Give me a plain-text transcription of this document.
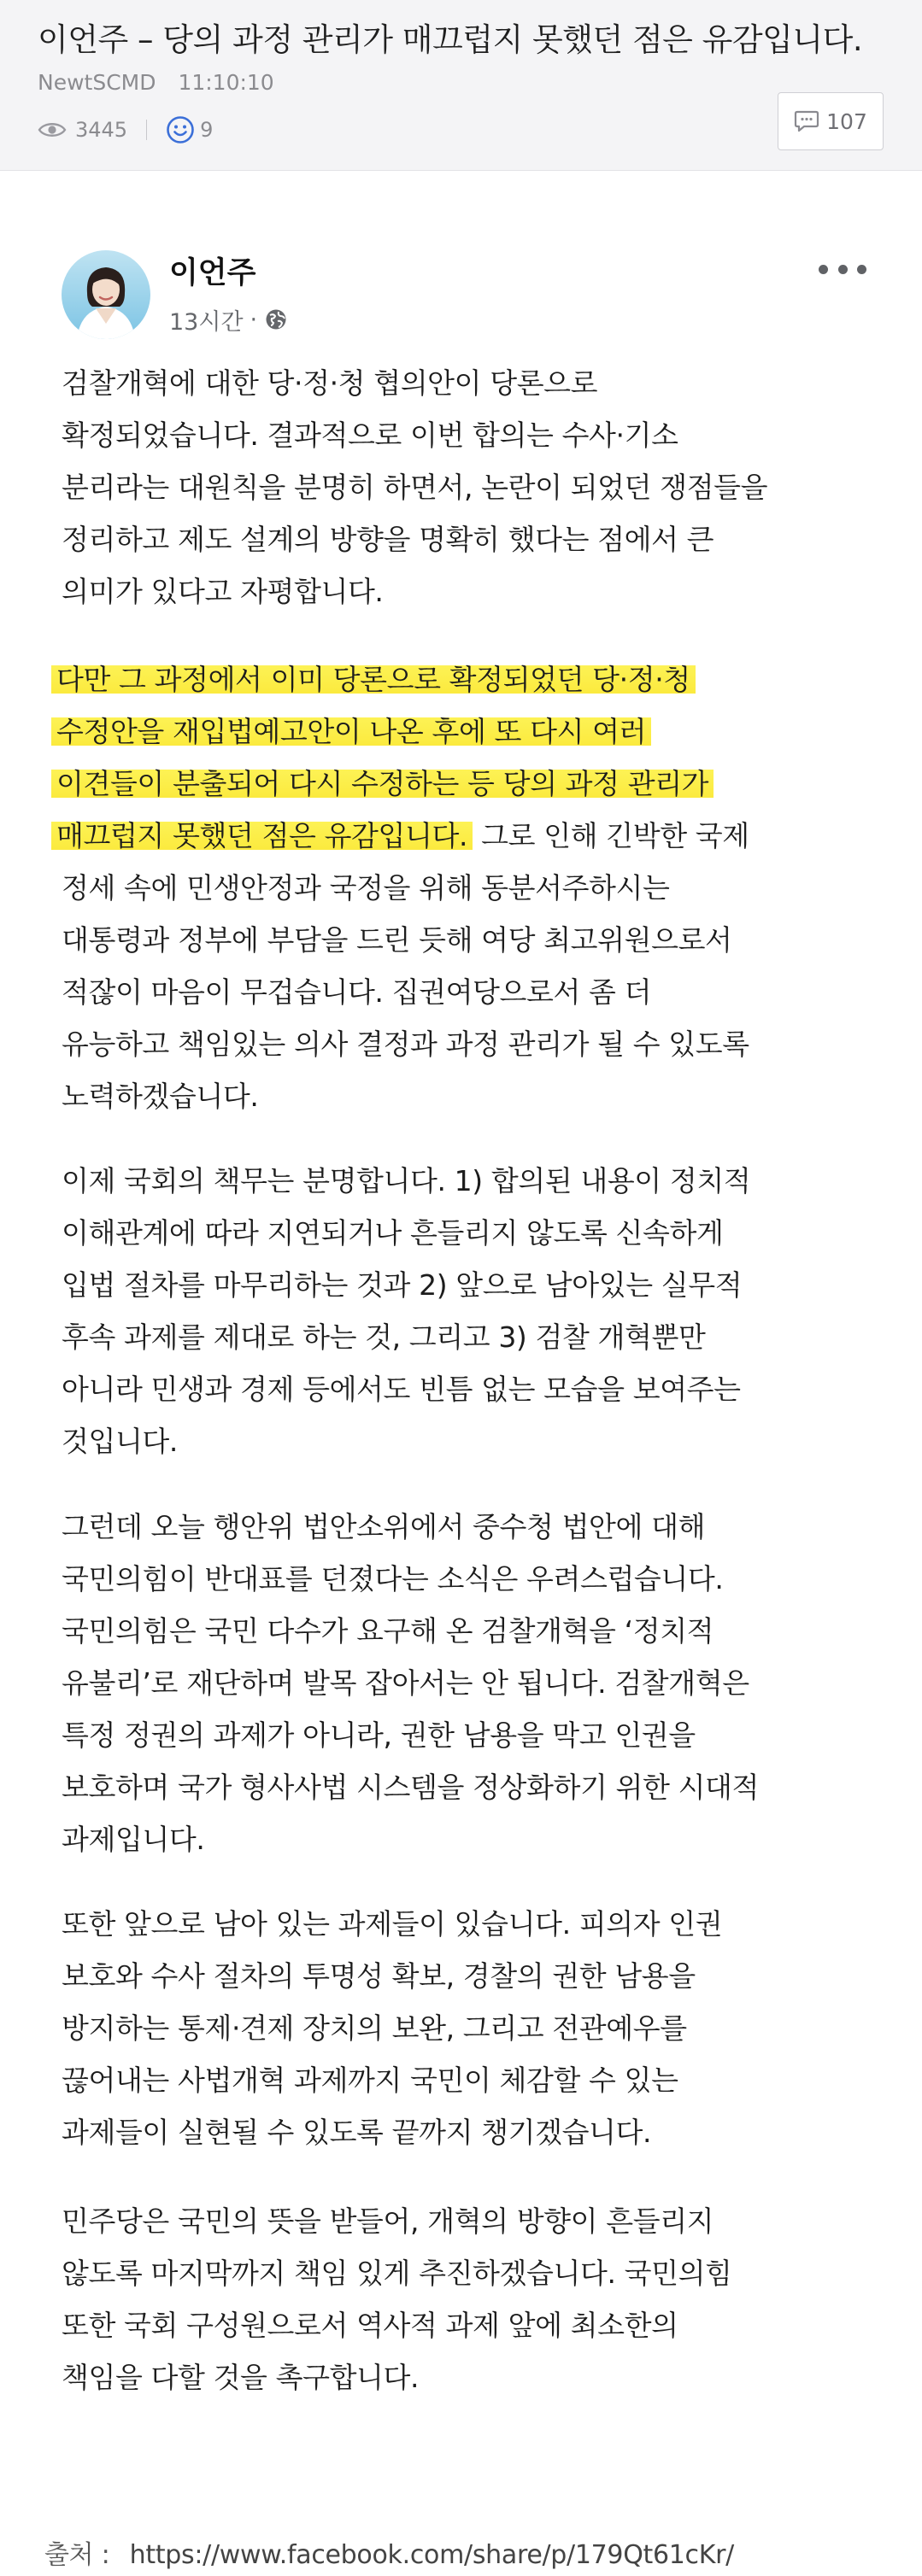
이언주 – 당의 과정 관리가 매끄럽지 못했던 점은 유감입니다.
NewtSCMD 11:10:10
3445	9	107
이언주
13시간 ·
검찰개혁에 대한 당·정·청 협의안이 당론으로
확정되었습니다. 결과적으로 이번 합의는 수사·기소
분리라는 대원칙을 분명히 하면서, 논란이 되었던 쟁점들을
정리하고 제도 설계의 방향을 명확히 했다는 점에서 큰
의미가 있다고 자평합니다.
다만 그 과정에서 이미 당론으로 확정되었던 당·정·청
수정안을 재입법예고안이 나온 후에 또 다시 여러
이견들이 분출되어 다시 수정하는 등 당의 과정 관리가
매끄럽지 못했던 점은 유감입니다. 그로 인해 긴박한 국제
정세 속에 민생안정과 국정을 위해 동분서주하시는
대통령과 정부에 부담을 드린 듯해 여당 최고위원으로서
적잖이 마음이 무겁습니다. 집권여당으로서 좀 더
유능하고 책임있는 의사 결정과 과정 관리가 될 수 있도록
노력하겠습니다.
이제 국회의 책무는 분명합니다. 1) 합의된 내용이 정치적
이해관계에 따라 지연되거나 흔들리지 않도록 신속하게
입법 절차를 마무리하는 것과 2) 앞으로 남아있는 실무적
후속 과제를 제대로 하는 것, 그리고 3) 검찰 개혁뿐만
아니라 민생과 경제 등에서도 빈틈 없는 모습을 보여주는
것입니다.
그런데 오늘 행안위 법안소위에서 중수청 법안에 대해
국민의힘이 반대표를 던졌다는 소식은 우려스럽습니다.
국민의힘은 국민 다수가 요구해 온 검찰개혁을 ‘정치적
유불리’로 재단하며 발목 잡아서는 안 됩니다. 검찰개혁은
특정 정권의 과제가 아니라, 권한 남용을 막고 인권을
보호하며 국가 형사사법 시스템을 정상화하기 위한 시대적
과제입니다.
또한 앞으로 남아 있는 과제들이 있습니다. 피의자 인권
보호와 수사 절차의 투명성 확보, 경찰의 권한 남용을
방지하는 통제·견제 장치의 보완, 그리고 전관예우를
끊어내는 사법개혁 과제까지 국민이 체감할 수 있는
과제들이 실현될 수 있도록 끝까지 챙기겠습니다.
민주당은 국민의 뜻을 받들어, 개혁의 방향이 흔들리지
않도록 마지막까지 책임 있게 추진하겠습니다. 국민의힘
또한 국회 구성원으로서 역사적 과제 앞에 최소한의
책임을 다할 것을 촉구합니다.
출처 : https://www.facebook.com/share/p/179Qt61cKr/
